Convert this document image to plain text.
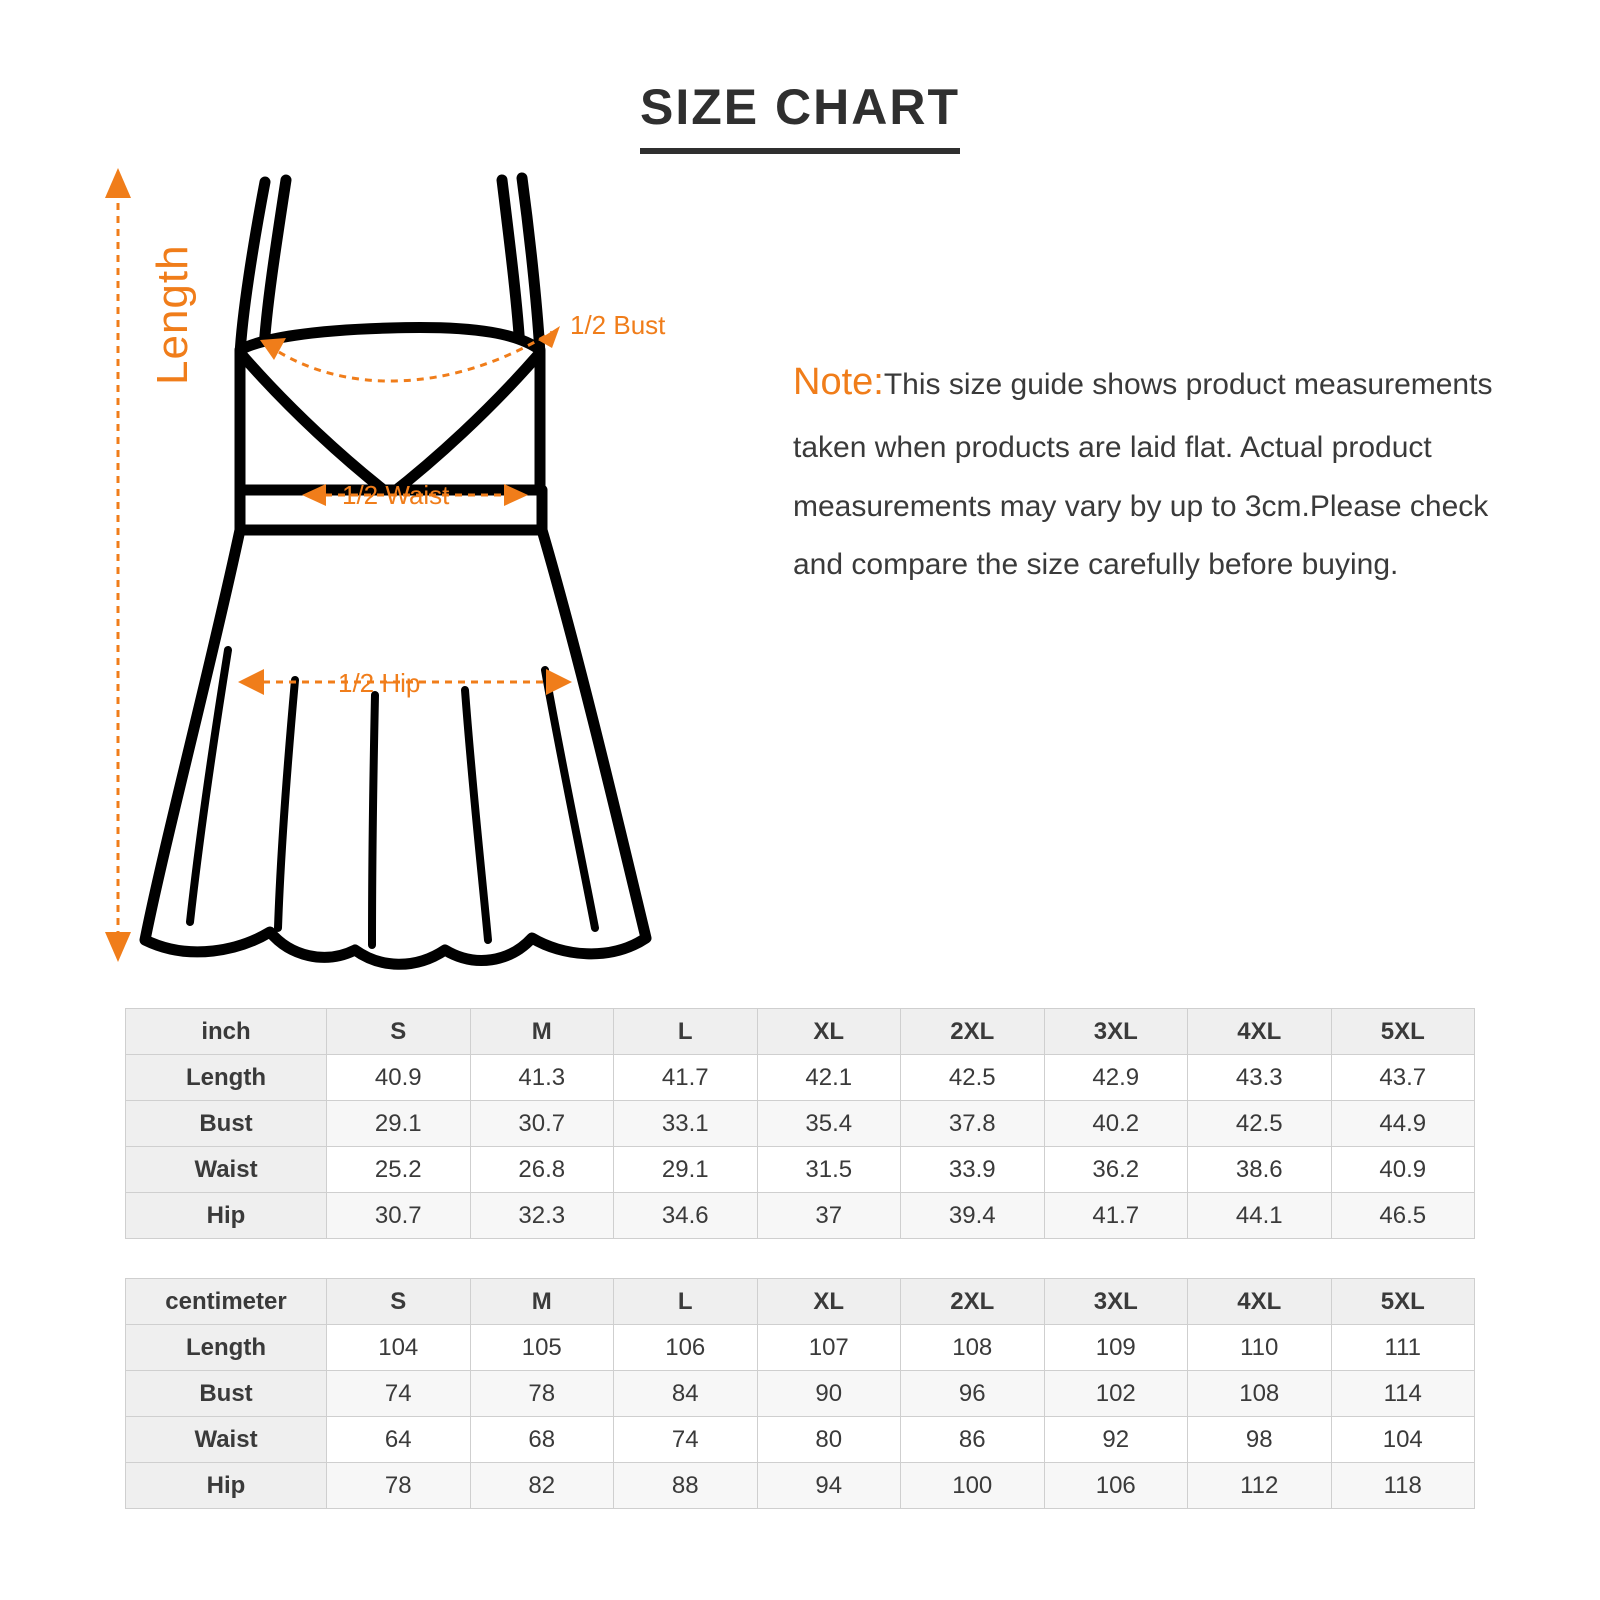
SIZE CHART
Length	1/2 Bust
1/2 Waist
1/2 Hip
Note:This size guide shows product measurements taken when products are laid flat. Actual product measurements may vary by up to 3cm.Please check and compare the size carefully before buying.
inch	S	M	L	XL	2XL	3XL	4XL	5XL
Length	40.9	41.3	41.7	42.1	42.5	42.9	43.3	43.7
Bust	29.1	30.7	33.1	35.4	37.8	40.2	42.5	44.9
Waist	25.2	26.8	29.1	31.5	33.9	36.2	38.6	40.9
Hip	30.7	32.3	34.6	37	39.4	41.7	44.1	46.5
centimeter	S	M	L	XL	2XL	3XL	4XL	5XL
Length	104	105	106	107	108	109	110	111
Bust	74	78	84	90	96	102	108	114
Waist	64	68	74	80	86	92	98	104
Hip	78	82	88	94	100	106	112	118
